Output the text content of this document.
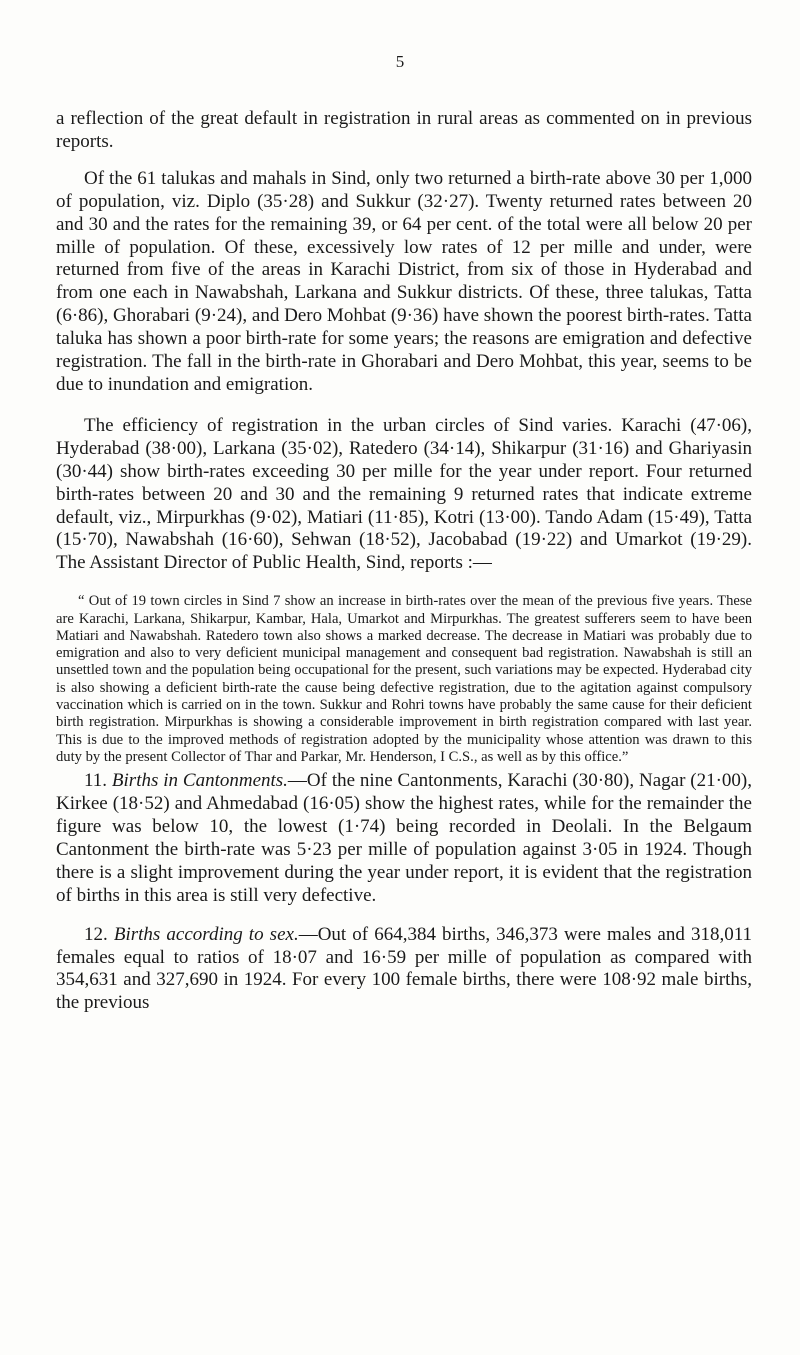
5

a reflection of the great default in registration in rural areas as commented on in previous reports.

Of the 61 talukas and mahals in Sind, only two returned a birth-rate above 30 per 1,000 of population, viz. Diplo (35·28) and Sukkur (32·27). Twenty returned rates between 20 and 30 and the rates for the remaining 39, or 64 per cent. of the total were all below 20 per mille of population. Of these, excessively low rates of 12 per mille and under, were returned from five of the areas in Karachi District, from six of those in Hyderabad and from one each in Nawabshah, Larkana and Sukkur districts. Of these, three talukas, Tatta (6·86), Ghorabari (9·24), and Dero Mohbat (9·36) have shown the poorest birth-rates. Tatta taluka has shown a poor birth-rate for some years; the reasons are emigration and defective registration. The fall in the birth-rate in Ghorabari and Dero Mohbat, this year, seems to be due to inundation and emigration.

The efficiency of registration in the urban circles of Sind varies. Karachi (47·06), Hyderabad (38·00), Larkana (35·02), Ratedero (34·14), Shikarpur (31·16) and Ghariyasin (30·44) show birth-rates exceeding 30 per mille for the year under report. Four returned birth-rates between 20 and 30 and the remaining 9 returned rates that indicate extreme default, viz., Mirpurkhas (9·02), Matiari (11·85), Kotri (13·00). Tando Adam (15·49), Tatta (15·70), Nawabshah (16·60), Sehwan (18·52), Jacobabad (19·22) and Umarkot (19·29). The Assistant Director of Public Health, Sind, reports :—

“ Out of 19 town circles in Sind 7 show an increase in birth-rates over the mean of the previous five years. These are Karachi, Larkana, Shikarpur, Kambar, Hala, Umarkot and Mirpurkhas. The greatest sufferers seem to have been Matiari and Nawabshah. Ratedero town also shows a marked decrease. The decrease in Matiari was probably due to emigration and also to very deficient municipal management and consequent bad registration. Nawabshah is still an unsettled town and the population being occupational for the present, such variations may be expected. Hyderabad city is also showing a deficient birth-rate the cause being defective registration, due to the agitation against compulsory vaccination which is carried on in the town. Sukkur and Rohri towns have probably the same cause for their deficient birth registration. Mirpurkhas is showing a considerable improvement in birth registration compared with last year. This is due to the improved methods of registration adopted by the municipality whose attention was drawn to this duty by the present Collector of Thar and Parkar, Mr. Henderson, I C.S., as well as by this office.”

11. Births in Cantonments.—Of the nine Cantonments, Karachi (30·80), Nagar (21·00), Kirkee (18·52) and Ahmedabad (16·05) show the highest rates, while for the remainder the figure was below 10, the lowest (1·74) being recorded in Deolali. In the Belgaum Cantonment the birth-rate was 5·23 per mille of population against 3·05 in 1924. Though there is a slight improvement during the year under report, it is evident that the registration of births in this area is still very defective.

12. Births according to sex.—Out of 664,384 births, 346,373 were males and 318,011 females equal to ratios of 18·07 and 16·59 per mille of population as compared with 354,631 and 327,690 in 1924. For every 100 female births, there were 108·92 male births, the previous
